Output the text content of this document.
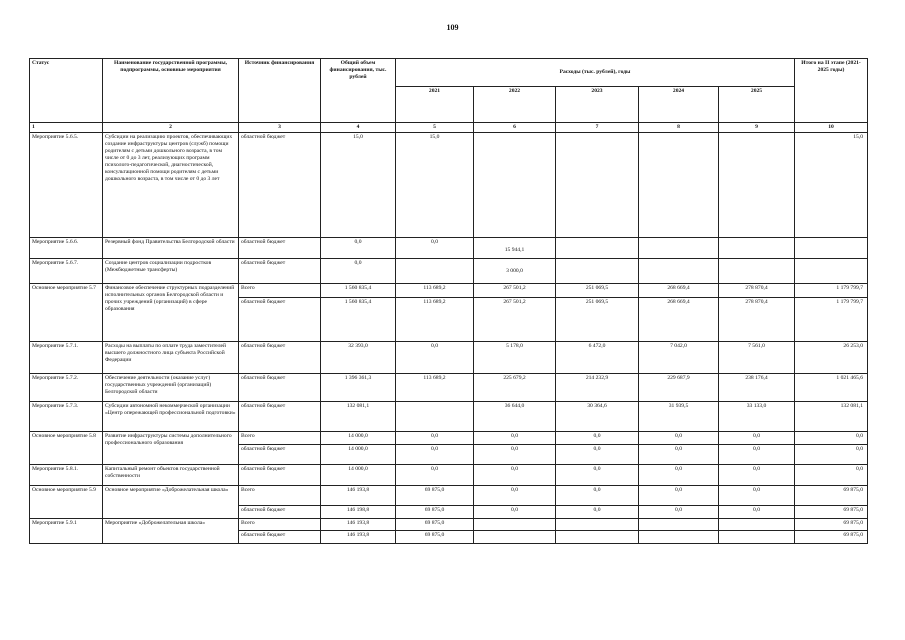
109
Статус	Наименование государственной программы, подпрограммы, основные мероприятия	Источник финансирования	Общий объем финансирования, тыс. рублей	Расходы (тыс. рублей), годы					Итого на II этапе (2021-2025 годы)
				2021	2022	2023	2024	2025	
1	2	3	4	5	6	7	8	9	10
Мероприятие 5.6.5.	Субсидии на реализацию проектов, обеспечивающих создание инфраструктуры центров (служб) помощи родителям с детьми дошкольного возраста, в том числе от 0 до 3 лет, реализующих программ психолого-педагогической, диагностической, консультационной помощи родителям с детьми дошкольного возраста, в том числе от 0 до 3 лет	областной бюджет	15,0	15,0					15,0
Мероприятие 5.6.6.	Резервный фонд Правительства Белгородской области	областной бюджет	0,0	0,0	15 944,1				
Мероприятие 5.6.7.	Создание центров социализации подростков (Межбюджетные трансферты)	областной бюджет	0,0		3 000,0				
Основное мероприятие 5.7	Финансовое обеспечение структурных подразделений исполнительных органов Белгородской области и прочих учреждений (организаций) в сфере образования	Всего	1 560 835,4	113 689,2	267 501,2	251 069,5	268 669,4	278 870,4	1 179 799,7
		областной бюджет	1 560 835,4	113 689,2	267 501,2	251 069,5	268 669,4	278 870,4	1 179 799,7
Мероприятие 5.7.1.	Расходы на выплаты по оплате труда заместителей высшего должностного лица субъекта Российской Федерации	областной бюджет	32 393,0	0,0	5 178,0	6 472,0	7 042,0	7 561,0	26 253,0
Мероприятие 5.7.2.	Обеспечение деятельности (оказание услуг) государственных учреждений (организаций) Белгородской области	областной бюджет	1 396 361,3	113 689,2	225 679,2	214 232,9	229 687,9	238 176,4	1 021 465,6
Мероприятие 5.7.3.	Субсидии автономной некоммерческой организации «Центр опережающей профессиональной подготовки»	областной бюджет	132 081,1		36 644,0	30 364,6	31 939,5	33 133,0	132 081,1
Основное мероприятие 5.8	Развитие инфраструктуры системы дополнительного профессионального образования	Всего	14 000,0	0,0	0,0	0,0	0,0	0,0	0,0
		областной бюджет	14 000,0	0,0	0,0	0,0	0,0	0,0	0,0
Мероприятие 5.8.1.	Капитальный ремонт объектов государственной собственности	областной бюджет	14 000,0	0,0	0,0	0,0	0,0	0,0	0,0
Основное мероприятие 5.9	Основное мероприятие «Доброжелательная школа»	Всего	146 193,8	69 875,0	0,0	0,0	0,0	0,0	69 875,0
		областной бюджет	146 198,8	69 875,0	0,0	0,0	0,0	0,0	69 875,0
Мероприятие 5.9.1	Мероприятие «Доброжелательная школа»	Всего	146 193,8	69 875,0					69 875,0
		областной бюджет	146 193,8	69 875,0					69 875,0
